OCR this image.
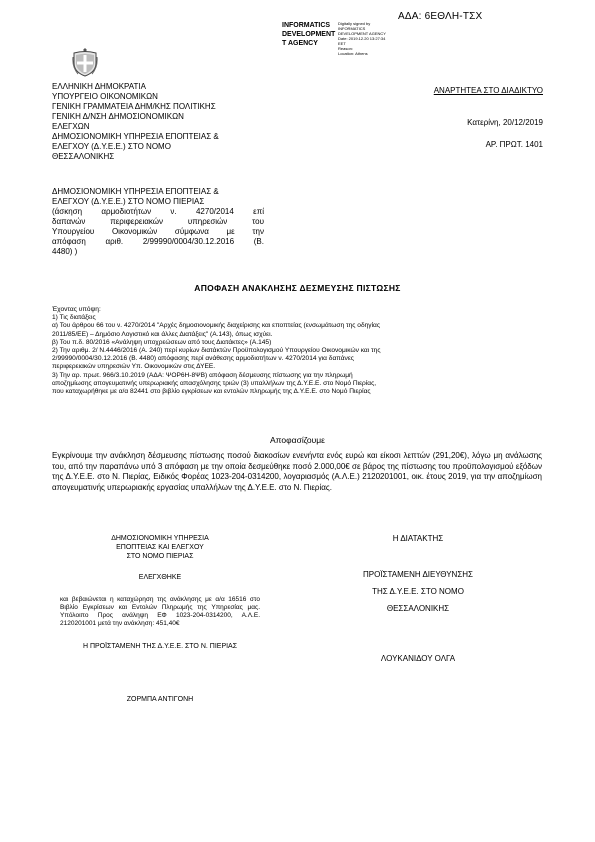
ΑΔΑ: 6ΕΘΛΗ-ΤΣΧ
INFORMATICS
DEVELOPMENT
T AGENCY
Digitally signed by
INFORMATICS
DEVELOPMENT AGENCY
Date: 2019.12.20 13:27:34
EET
Reason:
Location: Athens
ΕΛΛΗΝΙΚΗ ΔΗΜΟΚΡΑΤΙΑ
ΥΠΟΥΡΓΕΙΟ ΟΙΚΟΝΟΜΙΚΩΝ
ΓΕΝΙΚΗ ΓΡΑΜΜΑΤΕΙΑ ΔΗΜ/ΚΗΣ ΠΟΛΙΤΙΚΗΣ
ΓΕΝΙΚΗ Δ/ΝΣΗ ΔΗΜΟΣΙΟΝΟΜΙΚΩΝ
ΕΛΕΓΧΩΝ
ΔΗΜΟΣΙΟΝΟΜΙΚΗ ΥΠΗΡΕΣΙΑ ΕΠΟΠΤΕΙΑΣ &
ΕΛΕΓΧΟΥ (Δ.Υ.Ε.Ε.) ΣΤΟ ΝΟΜΟ
ΘΕΣΣΑΛΟΝΙΚΗΣ
ΑΝΑΡΤΗΤΕΑ ΣΤΟ ΔΙΑΔΙΚΤΥΟ
Κατερίνη, 20/12/2019
ΑΡ. ΠΡΩΤ. 1401
ΔΗΜΟΣΙΟΝΟΜΙΚΗ ΥΠΗΡΕΣΙΑ ΕΠΟΠΤΕΙΑΣ &
ΕΛΕΓΧΟΥ (Δ.Υ.Ε.Ε.) ΣΤΟ ΝΟΜΟ ΠΙΕΡΙΑΣ
(άσκηση αρμοδιοτήτων ν. 4270/2014 επί
δαπανών περιφερειακών υπηρεσιών του
Υπουργείου Οικονομικών σύμφωνα με την
απόφαση αριθ. 2/99990/0004/30.12.2016 (Β.
4480) )
ΑΠΟΦΑΣΗ ΑΝΑΚΛΗΣΗΣ ΔΕΣΜΕΥΣΗΣ ΠΙΣΤΩΣΗΣ
Έχοντας υπόψη:
1) Τις διατάξεις
α) Του άρθρου 66 του ν. 4270/2014 "Αρχές δημοσιονομικής διαχείρισης και εποπτείας (ενσωμάτωση της οδηγίας
2011/85/ΕΕ) – Δημόσιο Λογιστικό και άλλες Διατάξεις" (Α.143), όπως ισχύει.
β) Του π.δ. 80/2016 «Ανάληψη υποχρεώσεων από τους Διατάκτες» (Α.145)
2) Την αριθμ. 2/ Ν.4446/2016 (Α. 240) περί κυρίων διατάκτών Προϋπολογισμού Υπουργείου Οικονομικών και της
2/99990/0004/30.12.2016 (Β. 4480) απόφασης περί ανάθεσης αρμοδιοτήτων ν. 4270/2014 για δαπάνες
περιφερειακών υπηρεσιών Υπ. Οικονομικών στις ΔΥΕΕ.
3) Την αρ. πρωτ. 966/3.10.2019 (ΑΔΑ: ΨΟΡ6Η-8ΨΒ) απόφαση δέσμευσης πίστωσης για την πληρωμή
αποζημίωσης απογευματινής υπερωριακής απασχόλησης τριών (3) υπαλλήλων της Δ.Υ.Ε.Ε. στο Νομό Πιερίας,
που καταχωρήθηκε με α/α 82441 στο βιβλίο εγκρίσεων και εντολών πληρωμής της Δ.Υ.Ε.Ε. στο Νομό Πιερίας
Αποφασίζουμε
Εγκρίνουμε την ανάκληση δέσμευσης πίστωσης ποσού διακοσίων ενενήντα ενός ευρώ και είκοσι λεπτών (291,20€), λόγω μη ανάλωσης του, από την παραπάνω υπό 3 απόφαση με την οποία δεσμεύθηκε ποσό 2.000,00€ σε βάρος της πίστωσης του προϋπολογισμού εξόδων της Δ.Υ.Ε.Ε. στο Ν. Πιερίας, Ειδικός Φορέας 1023-204-0314200, λογαριασμός (Α.Λ.Ε.) 2120201001, οικ. έτους 2019, για την αποζημίωση απογευματινής υπερωριακής εργασίας υπαλλήλων της Δ.Υ.Ε.Ε. στο Ν. Πιερίας.
ΔΗΜΟΣΙΟΝΟΜΙΚΗ ΥΠΗΡΕΣΙΑ
ΕΠΟΠΤΕΙΑΣ ΚΑΙ ΕΛΕΓΧΟΥ
ΣΤΟ ΝΟΜΟ ΠΙΕΡΙΑΣ
ΕΛΕΓΧΘΗΚΕ
και βεβαιώνεται η καταχώρηση της ανάκλησης με α/α 16516 στο Βιβλίο Εγκρίσεων και Εντολών Πληρωμής της Υπηρεσίας μας. Υπόλοιπο Προς ανάληψη ΕΦ 1023-204-0314200, Α.Λ.Ε. 2120201001 μετά την ανάκληση: 451,40€
Η ΠΡΟΪΣΤΑΜΕΝΗ ΤΗΣ Δ.Υ.Ε.Ε. ΣΤΟ Ν. ΠΙΕΡΙΑΣ
ΖΟΡΜΠΑ ΑΝΤΙΓΟΝΗ
Η ΔΙΑΤΑΚΤΗΣ
ΠΡΟΪΣΤΑΜΕΝΗ ΔΙΕΥΘΥΝΣΗΣ
ΤΗΣ Δ.Υ.Ε.Ε. ΣΤΟ ΝΟΜΟ
ΘΕΣΣΑΛΟΝΙΚΗΣ
ΛΟΥΚΑΝΙΔΟΥ ΟΛΓΑ
